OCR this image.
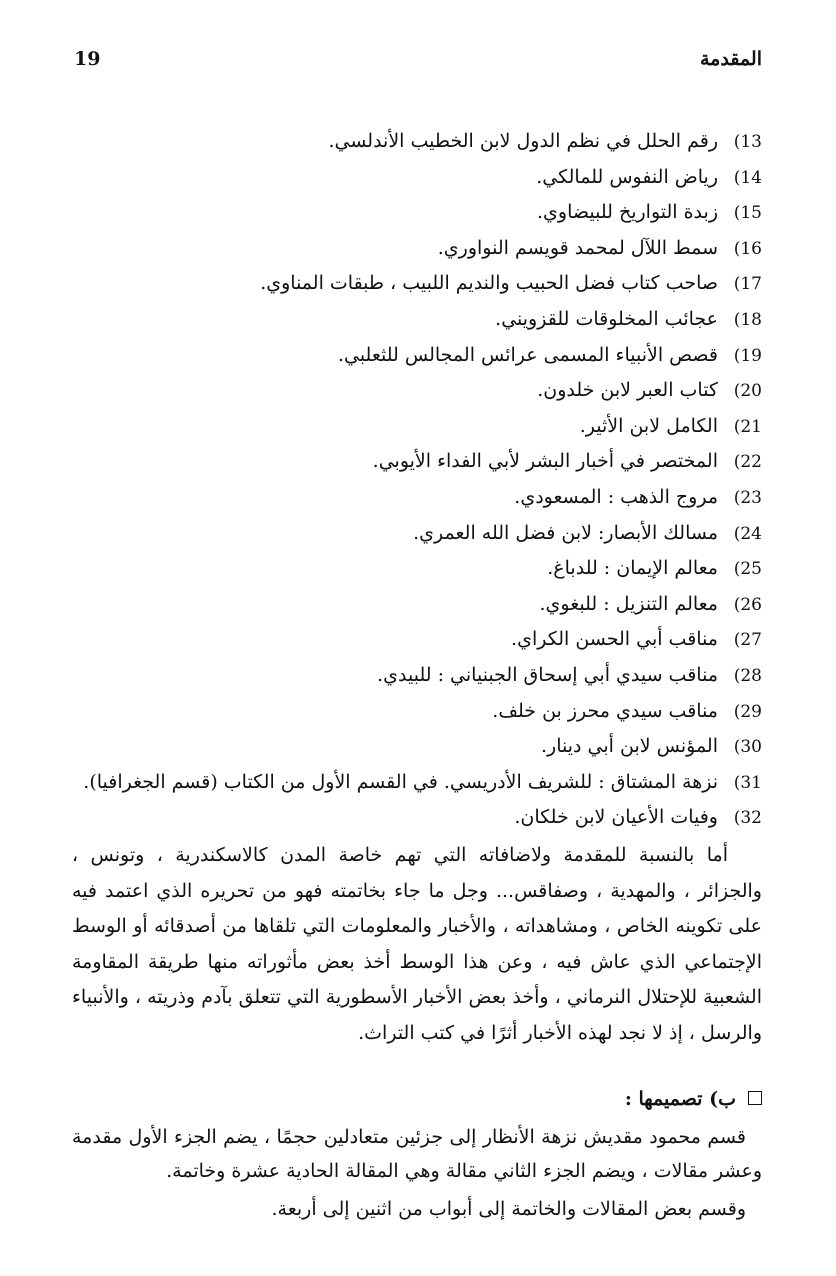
19	المقدمة
13)رقم الحلل في نظم الدول لابن الخطيب الأندلسي.
14)رياض النفوس للمالكي.
15)زبدة التواريخ للبيضاوي.
16)سمط اللآل لمحمد قويسم النواوري.
17)صاحب كتاب فضل الحبيب والنديم اللبيب ، طبقات المناوي.
18)عجائب المخلوقات للقزويني.
19)قصص الأنبياء المسمى عرائس المجالس للثعلبي.
20)كتاب العبر لابن خلدون.
21)الكامل لابن الأثير.
22)المختصر في أخبار البشر لأبي الفداء الأيوبي.
23)مروج الذهب : المسعودي.
24)مسالك الأبصار: لابن فضل الله العمري.
25)معالم الإيمان : للدباغ.
26)معالم التنزيل : للبغوي.
27)مناقب أبي الحسن الكراي.
28)مناقب سيدي أبي إسحاق الجبنياني : للبيدي.
29)مناقب سيدي محرز بن خلف.
30)المؤنس لابن أبي دينار.
31)نزهة المشتاق : للشريف الأدريسي. في القسم الأول من الكتاب (قسم الجغرافيا).
32)وفيات الأعيان لابن خلكان.

أما بالنسبة للمقدمة ولاضافاته التي تهم خاصة المدن كالاسكندرية ، وتونس ، والجزائر ، والمهدية ، وصفاقس... وجل ما جاء بخاتمته فهو من تحريره الذي اعتمد فيه على تكوينه الخاص ، ومشاهداته ، والأخبار والمعلومات التي تلقاها من أصدقائه أو الوسط الإجتماعي الذي عاش فيه ، وعن هذا الوسط أخذ بعض مأثوراته منها طريقة المقاومة الشعبية للإحتلال النرماني ، وأخذ بعض الأخبار الأسطورية التي تتعلق بآدم وذريته ، والأنبياء والرسل ، إذ لا نجد لهذه الأخبار أثرًا في كتب التراث.

ب) تصميمها :

قسم محمود مقديش نزهة الأنظار إلى جزئين متعادلين حجمًا ، يضم الجزء الأول مقدمة وعشر مقالات ، ويضم الجزء الثاني مقالة وهي المقالة الحادية عشرة وخاتمة.

وقسم بعض المقالات والخاتمة إلى أبواب من اثنين إلى أربعة.
